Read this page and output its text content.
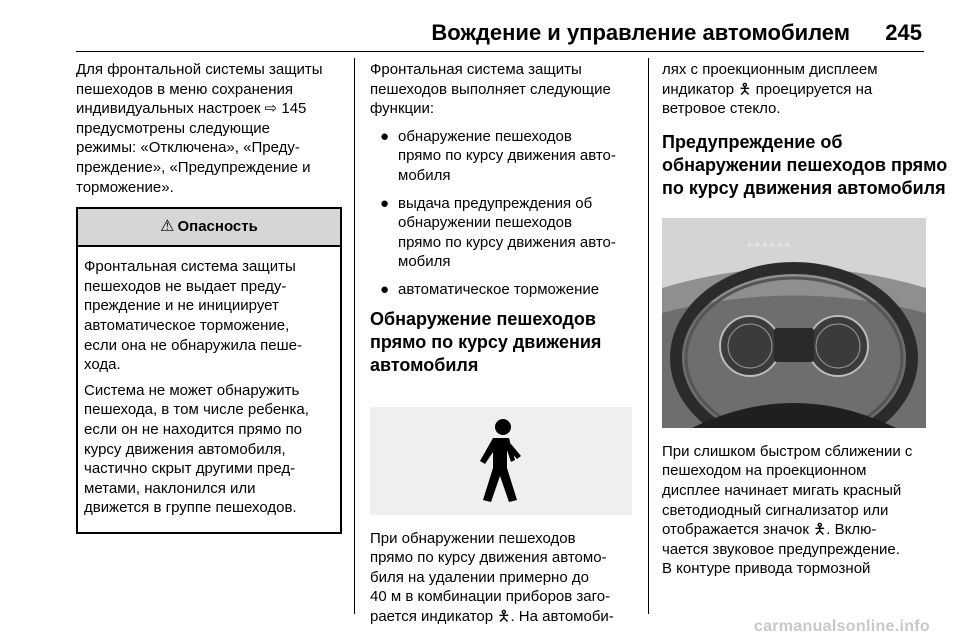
Вождение и управление автомобилем 245

Для фронтальной системы защиты
пешеходов в меню сохранения
индивидуальных настроек ⇨ 145
предусмотрены следующие
режимы: «Отключена», «Преду-
преждение», «Предупреждение и
торможение».

⚠ Опасность

Фронтальная система защиты
пешеходов не выдает преду-
преждение и не инициирует
автоматическое торможение,
если она не обнаружила пеше-
хода.

Система не может обнаружить
пешехода, в том числе ребенка,
если он не находится прямо по
курсу движения автомобиля,
частично скрыт другими пред-
метами, наклонился или
движется в группе пешеходов.

Фронтальная система защиты
пешеходов выполняет следующие
функции:

● обнаружение пешеходов
прямо по курсу движения авто-
мобиля
● выдача предупреждения об
обнаружении пешеходов
прямо по курсу движения авто-
мобиля
● автоматическое торможение
Обнаружение пешеходов
прямо по курсу движения
автомобиля

При обнаружении пешеходов
прямо по курсу движения автомо-
биля на удалении примерно до
40 м в комбинации приборов заго-
рается индикатор 🯅. На автомоби-

лях с проекционным дисплеем
индикатор 🯅 проецируется на
ветровое стекло.

Предупреждение об
обнаружении пешеходов прямо
по курсу движения автомобиля
✶✶✶✶✶✶

При слишком быстром сближении с
пешеходом на проекционном
дисплее начинает мигать красный
светодиодный сигнализатор или
отображается значок 🯅. Вклю-
чается звуковое предупреждение.
В контуре привода тормозной

carmanualsonline.info
